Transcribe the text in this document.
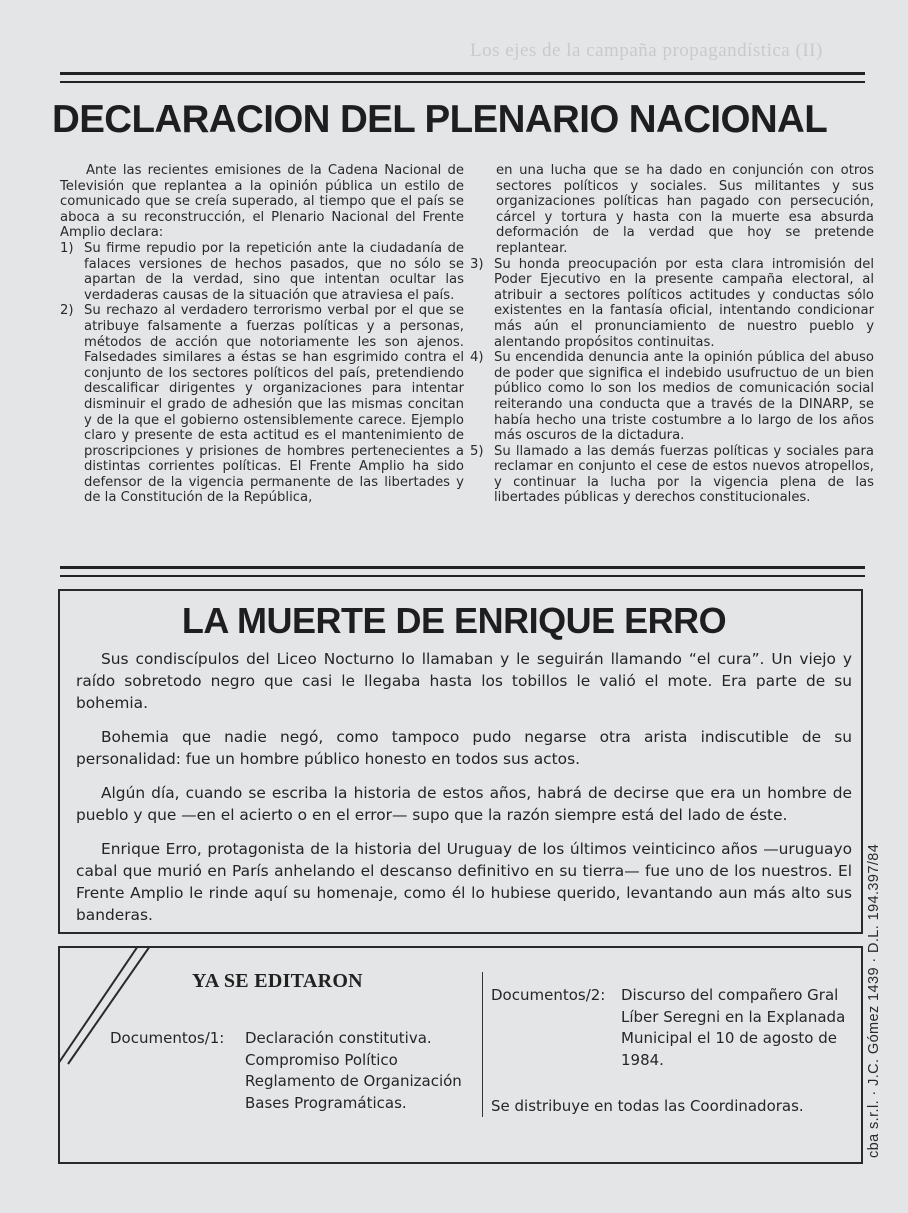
Los ejes de la campaña propagandística (II)
DECLARACION DEL PLENARIO NACIONAL

Ante las recientes emisiones de la Cadena Nacional de Televisión que replantea a la opinión pública un estilo de comunicado que se creía superado, al tiempo que el país se aboca a su reconstrucción, el Plenario Nacional del Frente Amplio declara:

1) Su firme repudio por la repetición ante la ciudadanía de falaces versiones de hechos pasados, que no sólo se apartan de la verdad, sino que intentan ocultar las verdaderas causas de la situación que atraviesa el país.
2) Su rechazo al verdadero terrorismo verbal por el que se atribuye falsamente a fuerzas políticas y a personas, métodos de acción que notoriamente les son ajenos. Falsedades similares a éstas se han esgrimido contra el conjunto de los sectores políticos del país, pretendiendo descalificar dirigentes y organizaciones para intentar disminuir el grado de adhesión que las mismas concitan y de la que el gobierno ostensiblemente carece. Ejemplo claro y presente de esta actitud es el mantenimiento de proscripciones y prisiones de hombres pertenecientes a distintas corrientes políticas. El Frente Amplio ha sido defensor de la vigencia permanente de las libertades y de la Constitución de la República,
en una lucha que se ha dado en conjunción con otros sectores políticos y sociales. Sus militantes y sus organizaciones políticas han pagado con persecución, cárcel y tortura y hasta con la muerte esa absurda deformación de la verdad que hoy se pretende replantear.
3) Su honda preocupación por esta clara intromisión del Poder Ejecutivo en la presente campaña electoral, al atribuir a sectores políticos actitudes y conductas sólo existentes en la fantasía oficial, intentando condicionar más aún el pronunciamiento de nuestro pueblo y alentando propósitos continuitas.
4) Su encendida denuncia ante la opinión pública del abuso de poder que significa el indebido usufructuo de un bien público como lo son los medios de comunicación social reiterando una conducta que a través de la DINARP, se había hecho una triste costumbre a lo largo de los años más oscuros de la dictadura.
5) Su llamado a las demás fuerzas políticas y sociales para reclamar en conjunto el cese de estos nuevos atropellos, y continuar la lucha por la vigencia plena de las libertades públicas y derechos constitucionales.
LA MUERTE DE ENRIQUE ERRO

Sus condiscípulos del Liceo Nocturno lo llamaban y le seguirán llamando “el cura”. Un viejo y raído sobretodo negro que casi le llegaba hasta los tobillos le valió el mote. Era parte de su bohemia.

Bohemia que nadie negó, como tampoco pudo negarse otra arista indiscutible de su personalidad: fue un hombre público honesto en todos sus actos.

Algún día, cuando se escriba la historia de estos años, habrá de decirse que era un hombre de pueblo y que —en el acierto o en el error— supo que la razón siempre está del lado de éste.

Enrique Erro, protagonista de la historia del Uruguay de los últimos veinticinco años —uruguayo cabal que murió en París anhelando el descanso definitivo en su tierra— fue uno de los nuestros. El Frente Amplio le rinde aquí su homenaje, como él lo hubiese querido, levantando aun más alto sus banderas.	cba s.r.l. · J.C. Gómez 1439 · D.L. 194.397/84
YA SE EDITARON
Documentos/1: Declaración constitutiva.
Compromiso Político
Reglamento de Organización
Bases Programáticas.
Documentos/2: Discurso del compañero Gral Líber Seregni en la Explanada Municipal el 10 de agosto de 1984.
Se distribuye en todas las Coordinadoras.
